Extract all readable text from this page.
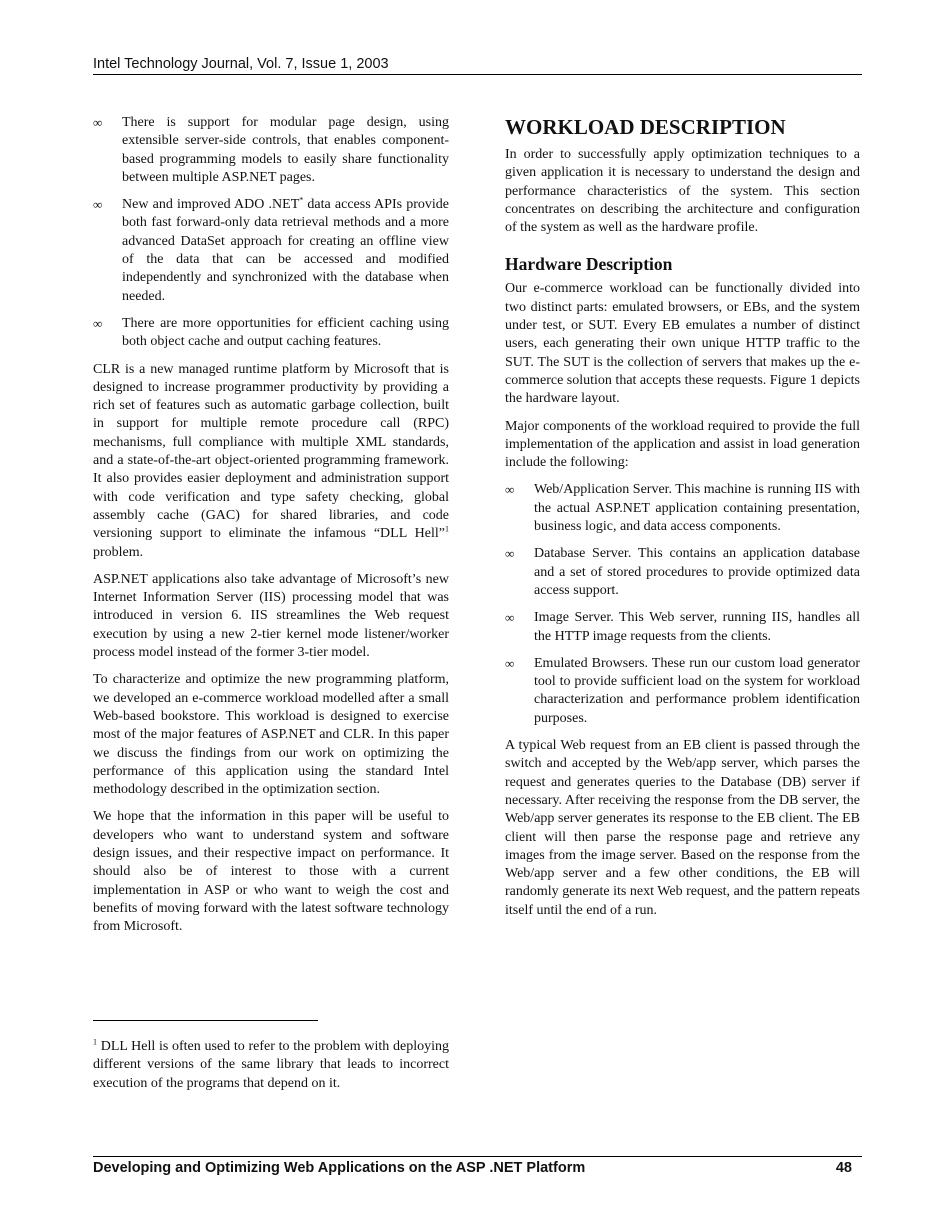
Intel Technology Journal, Vol. 7, Issue 1, 2003
∞	There is support for modular page design, using extensible server-side controls, that enables component-based programming models to easily share functionality between multiple ASP.NET pages.
∞	New and improved ADO .NET* data access APIs provide both fast forward-only data retrieval methods and a more advanced DataSet approach for creating an offline view of the data that can be accessed and modified independently and synchronized with the database when needed.
∞	There are more opportunities for efficient caching using both object cache and output caching features.

CLR is a new managed runtime platform by Microsoft that is designed to increase programmer productivity by providing a rich set of features such as automatic garbage collection, built in support for multiple remote procedure call (RPC) mechanisms, full compliance with multiple XML standards, and a state-of-the-art object-oriented programming framework. It also provides easier deployment and administration support with code verification and type safety checking, global assembly cache (GAC) for shared libraries, and code versioning support to eliminate the infamous “DLL Hell”$^1$ problem.

ASP.NET applications also take advantage of Microsoft’s new Internet Information Server (IIS) processing model that was introduced in version 6. IIS streamlines the Web request execution by using a new 2-tier kernel mode listener/worker process model instead of the former 3-tier model.

To characterize and optimize the new programming platform, we developed an e-commerce workload modelled after a small Web-based bookstore. This workload is designed to exercise most of the major features of ASP.NET and CLR. In this paper we discuss the findings from our work on optimizing the performance of this application using the standard Intel methodology described in the optimization section.

We hope that the information in this paper will be useful to developers who want to understand system and software design issues, and their respective impact on performance. It should also be of interest to those with a current implementation in ASP or who want to weigh the cost and benefits of moving forward with the latest software technology from Microsoft.

$^1$ DLL Hell is often used to refer to the problem with deploying different versions of the same library that leads to incorrect execution of the programs that depend on it.
WORKLOAD DESCRIPTION

In order to successfully apply optimization techniques to a given application it is necessary to understand the design and performance characteristics of the system. This section concentrates on describing the architecture and configuration of the system as well as the hardware profile.

Hardware Description

Our e-commerce workload can be functionally divided into two distinct parts: emulated browsers, or EBs, and the system under test, or SUT. Every EB emulates a number of distinct users, each generating their own unique HTTP traffic to the SUT. The SUT is the collection of servers that makes up the e-commerce solution that accepts these requests. Figure 1 depicts the hardware layout.

Major components of the workload required to provide the full implementation of the application and assist in load generation include the following:

∞	Web/Application Server. This machine is running IIS with the actual ASP.NET application containing presentation, business logic, and data access components.
∞	Database Server. This contains an application database and a set of stored procedures to provide optimized data access support.
∞	Image Server. This Web server, running IIS, handles all the HTTP image requests from the clients.
∞	Emulated Browsers. These run our custom load generator tool to provide sufficient load on the system for workload characterization and performance problem identification purposes.

A typical Web request from an EB client is passed through the switch and accepted by the Web/app server, which parses the request and generates queries to the Database (DB) server if necessary. After receiving the response from the DB server, the Web/app server generates its response to the EB client. The EB client will then parse the response page and retrieve any images from the image server. Based on the response from the Web/app server and a few other conditions, the EB will randomly generate its next Web request, and the pattern repeats itself until the end of a run.

Developing and Optimizing Web Applications on the ASP .NET Platform	48
